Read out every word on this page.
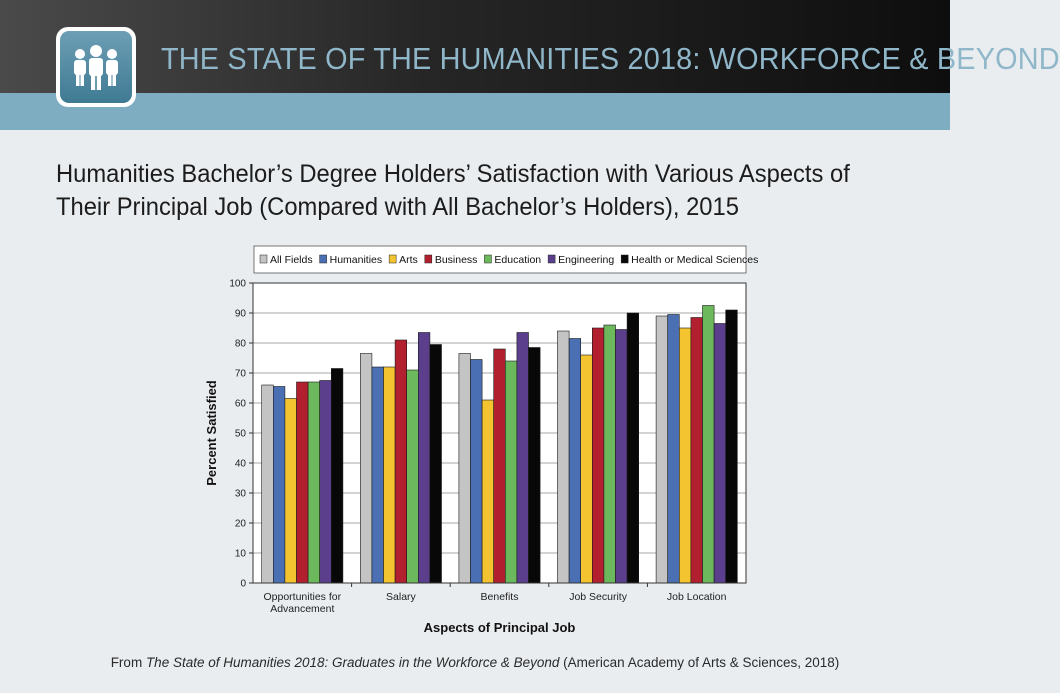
THE STATE OF THE HUMANITIES 2018: WORKFORCE & BEYOND
Humanities Bachelor’s Degree Holders’ Satisfaction with Various Aspects of
Their Principal Job (Compared with All Bachelor’s Holders), 2015
0
10
20
30
40
50
60
70
80
90
100
Opportunities for
Advancement
Salary	Benefits	Job Security	Job Location
Aspects of Principal Job
Percent Satisfied
All Fields Humanities Arts Business Education Engineering Health or Medical Sciences
From The State of Humanities 2018: Graduates in the Workforce & Beyond (American Academy of Arts & Sciences, 2018)
